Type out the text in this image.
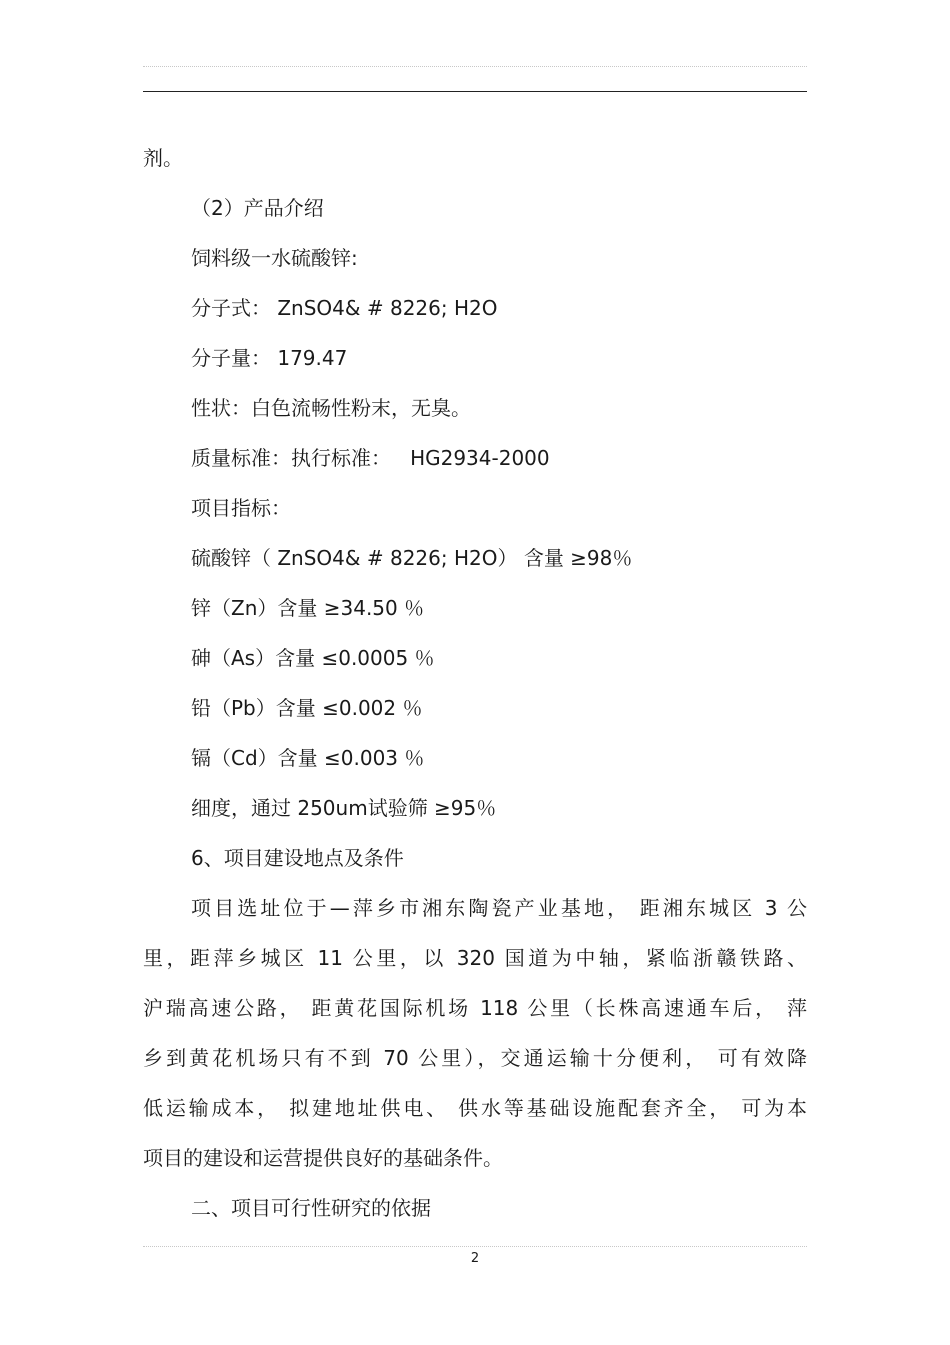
剂。
（2）产品介绍
饲料级一水硫酸锌:
分子式： ZnSO4& # 8226; H2O
分子量： 179.47
性状：白色流畅性粉末，无臭。
质量标准：执行标准：   HG2934-2000
项目指标：
硫酸锌（ ZnSO4& # 8226; H2O） 含量 ≥98％
锌（Zn）含量 ≥34.50 ％
砷（As）含量 ≤0.0005 ％
铅（Pb）含量 ≤0.002 ％
镉（Cd）含量 ≤0.003 ％
细度，通过 250um试验筛 ≥95％
6、项目建设地点及条件
项目选址位于—萍乡市湘东陶瓷产业基地， 距湘东城区 3 公
里，距萍乡城区 11 公里，以 320 国道为中轴，紧临浙赣铁路、
沪瑞高速公路， 距黄花国际机场 118 公里（长株高速通车后， 萍
乡到黄花机场只有不到 70 公里），交通运输十分便利， 可有效降
低运输成本， 拟建地址供电、 供水等基础设施配套齐全， 可为本
项目的建设和运营提供良好的基础条件。
二、项目可行性研究的依据
2
